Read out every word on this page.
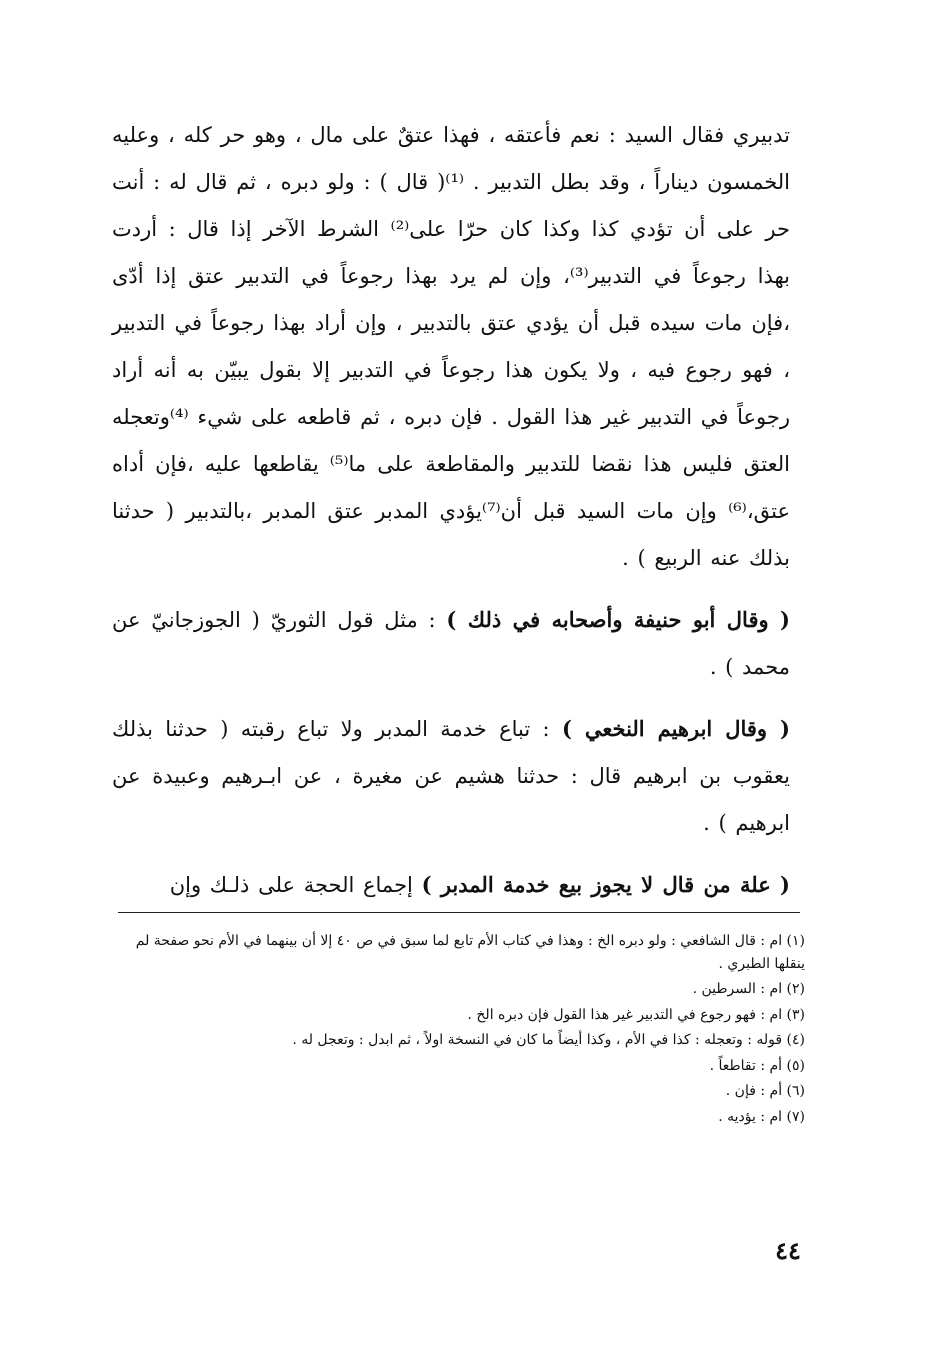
تدبيري فقال السيد : نعم فأعتقه ، فهذا عتقٌ على مال ، وهو حر كله ، وعليه الخمسون ديناراً ، وقد بطل التدبير . ⁽¹⁾( قال ) : ولو دبره ، ثم قال له : أنت حر على أن تؤدي كذا وكذا كان حرّا على⁽²⁾ الشرط الآخر إذا قال : أردت بهذا رجوعاً في التدبير⁽³⁾، وإن لم يرد بهذا رجوعاً في التدبير عتق إذا أدّى ،فإن مات سيده قبل أن يؤدي عتق بالتدبير ، وإن أراد بهذا رجوعاً في التدبير ، فهو رجوع فيه ، ولا يكون هذا رجوعاً في التدبير إلا بقول يبيّن به أنه أراد رجوعاً في التدبير غير هذا القول . فإن دبره ، ثم قاطعه على شيء ⁽⁴⁾وتعجله العتق فليس هذا نقضا للتدبير والمقاطعة على ما⁽⁵⁾ يقاطعها عليه ،فإن أداه عتق،⁽⁶⁾ وإن مات السيد قبل أن⁽⁷⁾يؤدي المدبر عتق المدبر ،بالتدبير ( حدثنا بذلك عنه الربيع ) .

( وقال أبو حنيفة وأصحابه في ذلك ) : مثل قول الثوريّ ( الجوزجانيّ عن محمد ) .

( وقال ابرهيم النخعي ) : تباع خدمة المدبر ولا تباع رقبته ( حدثنا بذلك يعقوب بن ابرهيم قال : حدثنا هشيم عن مغيرة ، عن ابـرهيم وعبيدة عن ابرهيم ) .

( علة من قال لا يجوز بيع خدمة المدبر ) إجماع الحجة على ذلـك وإن

(١) ام : قال الشافعي : ولو دبره الخ : وهذا في كتاب الأم تابع لما سبق في ص ٤٠ إلا أن بينهما في الأم نحو صفحة لم ينقلها الطبري .

(٢) ام : السرطين .

(٣) ام : فهو رجوع في التدبير غير هذا القول فإن دبره الخ .

(٤) قوله : وتعجله : كذا في الأم ، وكذا أيضاً ما كان في النسخة اولاً ، ثم ابدل : وتعجل له .

(٥) أم : تقاطعاً .

(٦) أم : فإن .

(٧) ام : يؤديه .

٤٤
